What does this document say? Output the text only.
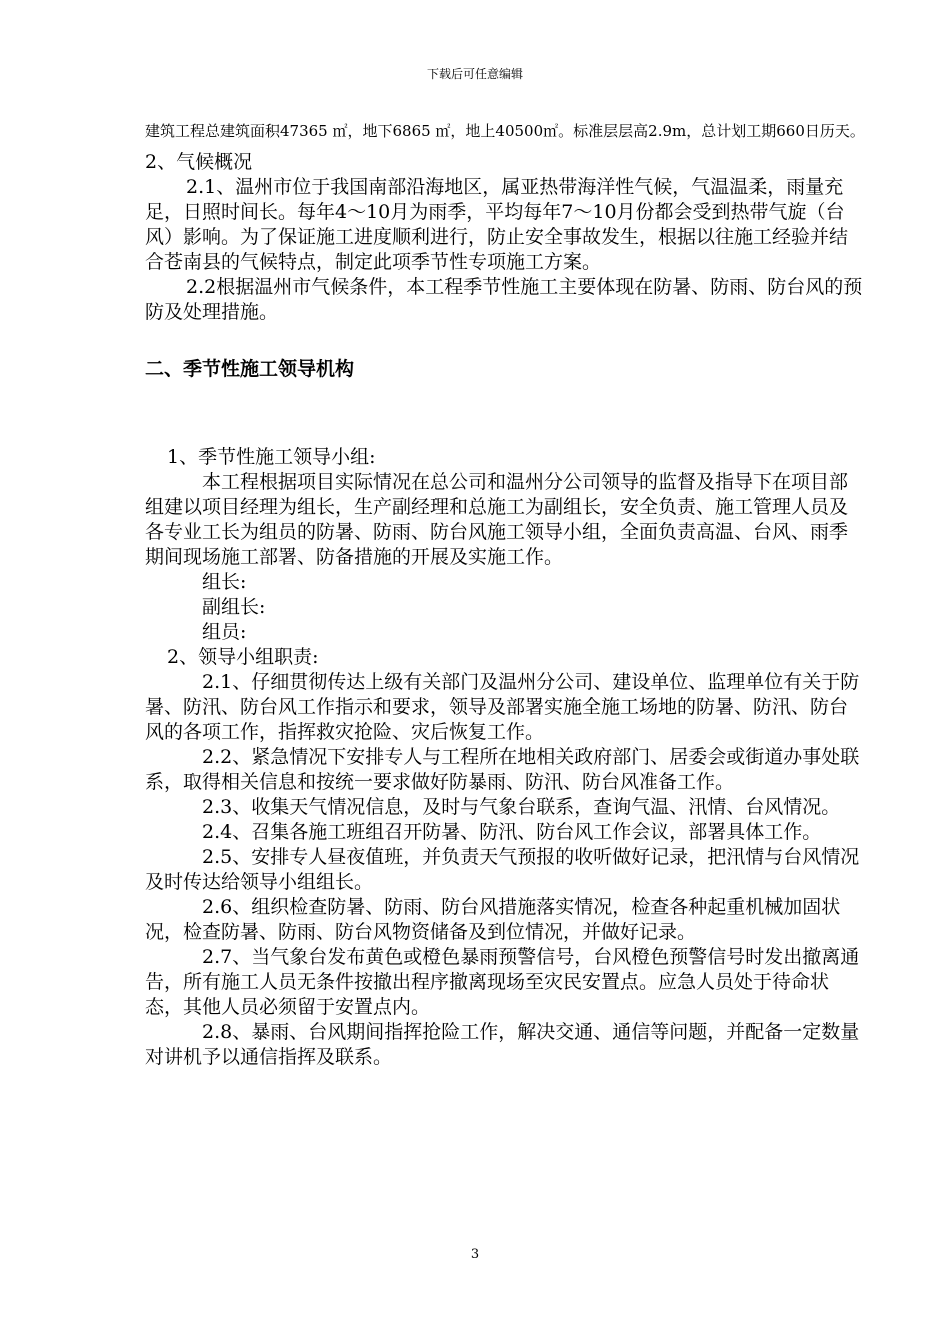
下载后可任意编辑

建筑工程总建筑面积47365 ㎡，地下6865 ㎡，地上40500㎡。标准层层高2.9m，总计划工期660日历天。

2、气候概况

2.1、温州市位于我国南部沿海地区，属亚热带海洋性气候，气温温柔，雨量充足，日照时间长。每年4～10月为雨季，平均每年7～10月份都会受到热带气旋（台风）影响。为了保证施工进度顺利进行，防止安全事故发生，根据以往施工经验并结合苍南县的气候特点，制定此项季节性专项施工方案。

2.2根据温州市气候条件，本工程季节性施工主要体现在防暑、防雨、防台风的预防及处理措施。

二、季节性施工领导机构

1、季节性施工领导小组:

本工程根据项目实际情况在总公司和温州分公司领导的监督及指导下在项目部组建以项目经理为组长，生产副经理和总施工为副组长，安全负责、施工管理人员及各专业工长为组员的防暑、防雨、防台风施工领导小组，全面负责高温、台风、雨季期间现场施工部署、防备措施的开展及实施工作。

组长:

副组长:

组员:

2、领导小组职责:

2.1、仔细贯彻传达上级有关部门及温州分公司、建设单位、监理单位有关于防暑、防汛、防台风工作指示和要求，领导及部署实施全施工场地的防暑、防汛、防台风的各项工作，指挥救灾抢险、灾后恢复工作。

2.2、紧急情况下安排专人与工程所在地相关政府部门、居委会或街道办事处联系，取得相关信息和按统一要求做好防暴雨、防汛、防台风准备工作。

2.3、收集天气情况信息，及时与气象台联系，查询气温、汛情、台风情况。

2.4、召集各施工班组召开防暑、防汛、防台风工作会议，部署具体工作。

2.5、安排专人昼夜值班，并负责天气预报的收听做好记录，把汛情与台风情况及时传达给领导小组组长。

2.6、组织检查防暑、防雨、防台风措施落实情况，检查各种起重机械加固状况，检查防暑、防雨、防台风物资储备及到位情况，并做好记录。

2.7、当气象台发布黄色或橙色暴雨预警信号，台风橙色预警信号时发出撤离通告，所有施工人员无条件按撤出程序撤离现场至灾民安置点。应急人员处于待命状态，其他人员必须留于安置点内。

2.8、暴雨、台风期间指挥抢险工作，解决交通、通信等问题，并配备一定数量对讲机予以通信指挥及联系。

3
